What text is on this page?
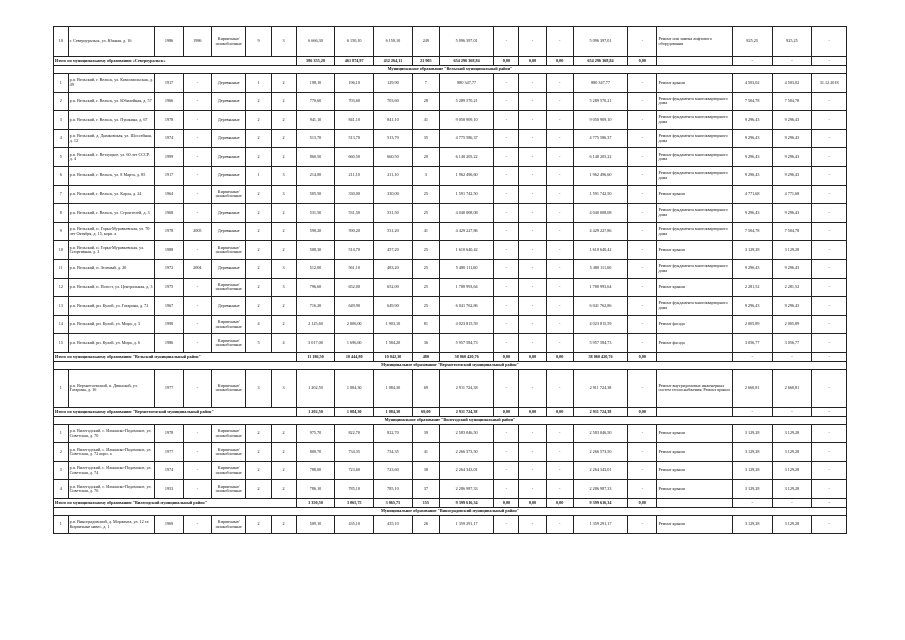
10	г. Североуральск, ул. Южная, д. 16	1986	1986	Кирпичные/ шлакоблочные	9	3	6 666,30	6 150,10	6 150,10	249	5 096 397,01	-	-	-	5 096 397,01	-	Ремонт или замена лифтового оборудования	825,25	925,25	-
Итого по муниципальному образованию «Североуральск»							586 355,20	461 874,97	432 264,11	21 905	654 296 368,84	0,00	0,00	0,00	654 296 368,84	0,00		-	-	-
Муниципальное образование "Вельский муниципальный район"																				
1	р.п. Вельский, г. Вельск, ул. Комсомольская, д. 49	1917	-	Деревянные	1	2	198,10	196,10	129,90	7	880 347,77	-	-	-	880 347,77	-	Ремонт крыши	4 503,02	4 503,02	31.12.2018
2	р.п. Вельский, г. Вельск, ул. Юбилейная, д. 57	1966	-	Деревянные	2	2	770,60	703,60	703,60	28	5 289 570,21	-	-	-	5 289 570,21	-	Ремонт фундамента многоквартирного дома	7 504,78	7 504,78	-
3	р.п. Вельский, г. Вельск, ул. Пушкина, д. 67	1978	-	Деревянные	2	2	941,10	841,10	841,10	41	9 050 909,10	-	-	-	9 050 909,10	-	Ремонт фундамента многоквартирного дома	9 296,43	9 296,43	-
4	р.п. Вельский, д. Дымковская, ул. Шоссейная, д. 12	1974	-	Деревянные	2	2	513,70	513,70	513,70	35	4 775 586,37	-	-	-	4 775 586,37	-	Ремонт фундамента многоквартирного дома	9 296,43	9 296,43	-
5	р.п. Вельский, г. Ветлуцкое, ул. 60 лет СССР, д. 4	1999	-	Деревянные	2	2	860,50	660,50	660,50	20	6 140 205,22	-	-	-	6 140 205,22	-	Ремонт фундамента многоквартирного дома	9 296,43	9 296,43	-
6	р.п. Вельский, г. Вельск, ул. 8 Марта, д. 85	1917	-	Деревянные	1	3	214,00	211,10	211,10	3	1 962 496,60	-	-	-	1 962 496,60	-	Ремонт фундамента многоквартирного дома	9 296,43	9 296,43	-
7	р.п. Вельский, г. Вельск, ул. Карла, д. 24	1964	-	Кирпичные/ шлакоблочные	2	3	505,50	330,00	330,00	25	1 591 742,50	-	-	-	1 591 742,50	-	Ремонт крыши	4 771,68	4 771,68	-
8	р.п. Вельский, г. Вельск, ул. Строителей, д. 3	1968	-	Деревянные	2	2	531,50	531,50	531,50	25	4 040 008,08	-	-	-	4 040 008,08	-	Ремонт фундамента многоквартирного дома	9 296,43	9 296,43	-
9	р.п. Вельский, п. Горка-Муравьевская, ул. 70-лет Октября, д. 15, корп. а	1978	2005	Деревянные	2	2	590,20	590,20	531,20	41	4 429 227,86	-	-	-	4 429 227,86	-	Ремонт фундамента многоквартирного дома	7 504,78	7 504,78	-
10	р.п. Вельский, п. Горка-Муравьевская, ул. Спортивная, д. 3	1988	-	Кирпичные/ шлакоблочные	2	2	508,30	514,70	457,20	25	1 610 640,42	-	-	-	1 610 640,42	-	Ремонт крыши	3 129,28	3 129,28	-
11	р.п. Вельский, п. Зеленый, д. 20	1972	2004	Деревянные	2	3	512,00	561,10	483,20	25	5 480 111,60	-	-	-	5 480 111,60	-	Ремонт фундамента многоквартирного дома	9 296,43	9 296,43	-
12	р.п. Вельский, п. Погост, ул. Центральная, д. 3	1975	-	Кирпичные/ шлакоблочные	2	3	796,60	652,00	652,00	25	1 780 993,64	-	-	-	1 780 993,64	-	Ремонт крыши	2 281,52	2 281,52	-
13	р.п. Вельский, рп. Кулой, ул. Гагарина, д. 72	1967	-	Деревянные	2	2	716,20	649,90	649,90	25	6 041 762,86	-	-	-	6 041 762,86	-	Ремонт фундамента многоквартирного дома	9 296,43	9 296,43	-
14	р.п. Вельский, рп. Кулой, ул. Мира, д. 3	1990	-	Кирпичные/ шлакоблочные	4	2	2 125,60	2 006,00	1 903,10	81	4 023 815,59	-	-	-	4 023 815,59	-	Ремонт фасада	2 005,89	2 005,89	-
15	р.п. Вельский, рп. Кулой, ул. Мира, д. 6	1986	-	Кирпичные/ шлакоблочные	5	4	3 017,00	1 696,60	1 584,20	36	5 957 584,73	-	-	-	5 957 584,73	-	Ремонт фасада	3 056,77	3 056,77	-
Итого по муниципальному образованию "Вельский муниципальный район"							11 186,50	10 444,80	10 042,30	480	58 060 420,76	0,00	0,00	0,00	58 060 420,76	0,00		-	-	-
Муниципальное образование "Верхнетоемский муниципальный район"																				
1	р.п. Верхнетоемский, п. Двинской, ул. Гагарина, д. 16	1977	-	Кирпичные/ шлакоблочные	3	3	1 202,50	1 084,30	1 084,30	69	2 911 724,38	-	-	-	2 911 724,38	-	Ремонт внутридомовых инженерных систем теплоснабжения; Ремонт крыши	2 660,81	2 660,81	-
Итого по муниципальному образованию "Верхнетоемский муниципальный район"							1 202,50	1 084,30	1 084,30	69,00	2 911 724,38	0,00	0,00	0,00	2 911 724,38	0,00		-	-	-
Муниципальное образование "Вилегодский муниципальный район"																				
1	р.п. Вилегодский, с. Ильинско-Подомское, ул. Советская, д. 70	1978	-	Кирпичные/ шлакоблочные	2	2	975,70	822,70	822,70	39	2 583 046,50	-	-	-	2 583 046,50	-	Ремонт крыши	3 129,28	3 129,28	-
2	р.п. Вилегодский, с. Ильинско-Подомское, ул. Советская, д. 72 корп. а	1977	-	Кирпичные/ шлакоблочные	2	2	800,70	734,35	734,35	41	2 266 573,50	-	-	-	2 266 573,50	-	Ремонт крыши	3 129,28	3 129,28	-
3	р.п. Вилегодский, с. Ильинско-Подомское, ул. Советская, д. 74	1974	-	Кирпичные/ шлакоблочные	2	2	788,00	723,60	723,60	38	2 264 343,01	-	-	-	2 264 343,01	-	Ремонт крыши	3 129,28	3 129,28	-
4	р.п. Вилегодский, с. Ильинско-Подомское, ул. Советская, д. 76	1953	-	Кирпичные/ шлакоблочные	2	2	786,10	785,10	785,10	37	2 286 987,33	-	-	-	2 286 987,33	-	Ремонт крыши	3 129,28	3 129,28	-
Итого по муниципальному образованию "Вилегодский муниципальный район"							3 350,50	3 065,75	3 065,75	155	9 399 616,34	0,00	0,00	0,00	9 399 616,34	0,00		-	-	-
Муниципальное образование "Виноградовский муниципальный район"																				
1	р.п. Виноградовский, д. Морженга, ул. 12 та Кирпичные навес, д. 1	1969	-	Кирпичные/ шлакоблочные	2	2	509,10	435,10	435,10	26	1 359 291,17	-	-	-	1 359 291,17	-	Ремонт крыши	3 129,28	3 129,28	-
